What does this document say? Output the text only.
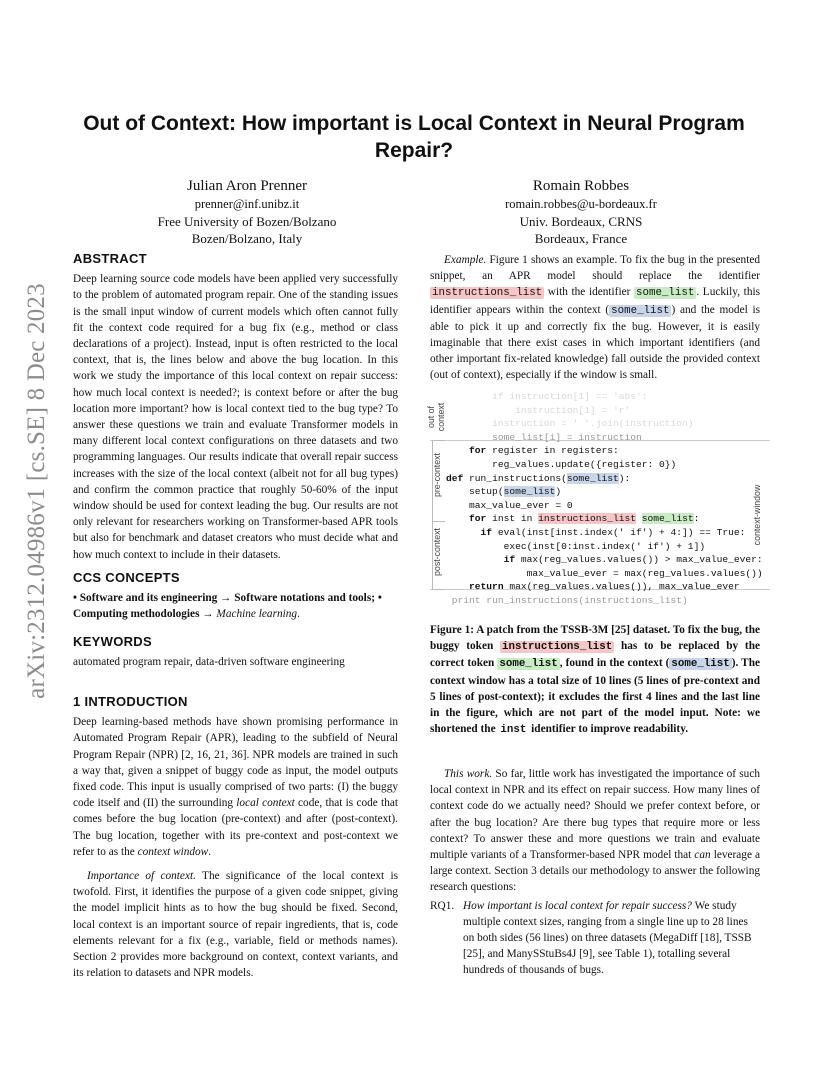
arXiv:2312.04986v1 [cs.SE] 8 Dec 2023
Out of Context: How important is Local Context in Neural Program Repair?
Julian Aron Prenner
prenner@inf.unibz.it
Free University of Bozen/Bolzano
Bozen/Bolzano, Italy
Romain Robbes
romain.robbes@u-bordeaux.fr
Univ. Bordeaux, CRNS
Bordeaux, France
ABSTRACT

Deep learning source code models have been applied very successfully to the problem of automated program repair. One of the standing issues is the small input window of current models which often cannot fully fit the context code required for a bug fix (e.g., method or class declarations of a project). Instead, input is often restricted to the local context, that is, the lines below and above the bug location. In this work we study the importance of this local context on repair success: how much local context is needed?; is context before or after the bug location more important? how is local context tied to the bug type? To answer these questions we train and evaluate Transformer models in many different local context configurations on three datasets and two programming languages. Our results indicate that overall repair success increases with the size of the local context (albeit not for all bug types) and confirm the common practice that roughly 50-60% of the input window should be used for context leading the bug. Our results are not only relevant for researchers working on Transformer-based APR tools but also for benchmark and dataset creators who must decide what and how much context to include in their datasets.

CCS CONCEPTS

• Software and its engineering → Software notations and tools; • Computing methodologies → Machine learning.

KEYWORDS

automated program repair, data-driven software engineering

1 INTRODUCTION

Deep learning-based methods have shown promising performance in Automated Program Repair (APR), leading to the subfield of Neural Program Repair (NPR) [2, 16, 21, 36]. NPR models are trained in such a way that, given a snippet of buggy code as input, the model outputs fixed code. This input is usually comprised of two parts: (I) the buggy code itself and (II) the surrounding local context code, that is code that comes before the bug location (pre-context) and after (post-context). The bug location, together with its pre-context and post-context we refer to as the context window.

Importance of context. The significance of the local context is twofold. First, it identifies the purpose of a given code snippet, giving the model implicit hints as to how the bug should be fixed. Second, local context is an important source of repair ingredients, that is, code elements relevant for a fix (e.g., variable, field or methods names). Section 2 provides more background on context, context variants, and its relation to datasets and NPR models.

Example. Figure 1 shows an example. To fix the bug in the presented snippet, an APR model should replace the identifier instructions_list with the identifier some_list . Luckily, this identifier appears within the context ( some_list ) and the model is able to pick it up and correctly fix the bug. However, it is easily imaginable that there exist cases in which important identifiers (and other important fix-related knowledge) fall outside the provided context (out of context), especially if the window is small.

out of context
pre-context
post-context
context-window
if instruction[1] == 'abs':
instruction[1] = 'r'
instruction = ' '.join(instruction)
some_list[i] = instruction
for register in registers:
reg_values.update({register: 0})
def run_instructions(some_list):
setup(some_list)
max_value_ever = 0
for inst in instructions_list some_list:
if eval(inst[inst.index(' if') + 4:]) == True:
exec(inst[0:inst.index(' if') + 1])
if max(reg_values.values()) > max_value_ever:
max_value_ever = max(reg_values.values())
return max(reg_values.values()), max_value_ever
print run_instructions(instructions_list)
Figure 1: A patch from the TSSB-3M [25] dataset. To fix the bug, the buggy token instructions_list has to be replaced by the correct token some_list , found in the context ( some_list ). The context window has a total size of 10 lines (5 lines of pre-context and 5 lines of post-context); it excludes the first 4 lines and the last line in the figure, which are not part of the model input. Note: we shortened the inst identifier to improve readability.

This work. So far, little work has investigated the importance of such local context in NPR and its effect on repair success. How many lines of context code do we actually need? Should we prefer context before, or after the bug location? Are there bug types that require more or less context? To answer these and more questions we train and evaluate multiple variants of a Transformer-based NPR model that can leverage a large context. Section 3 details our methodology to answer the following research questions:

RQ1. How important is local context for repair success? We study multiple context sizes, ranging from a single line up to 28 lines on both sides (56 lines) on three datasets (MegaDiff [18], TSSB [25], and ManySStuBs4J [9], see Table 1), totalling several hundreds of thousands of bugs.
